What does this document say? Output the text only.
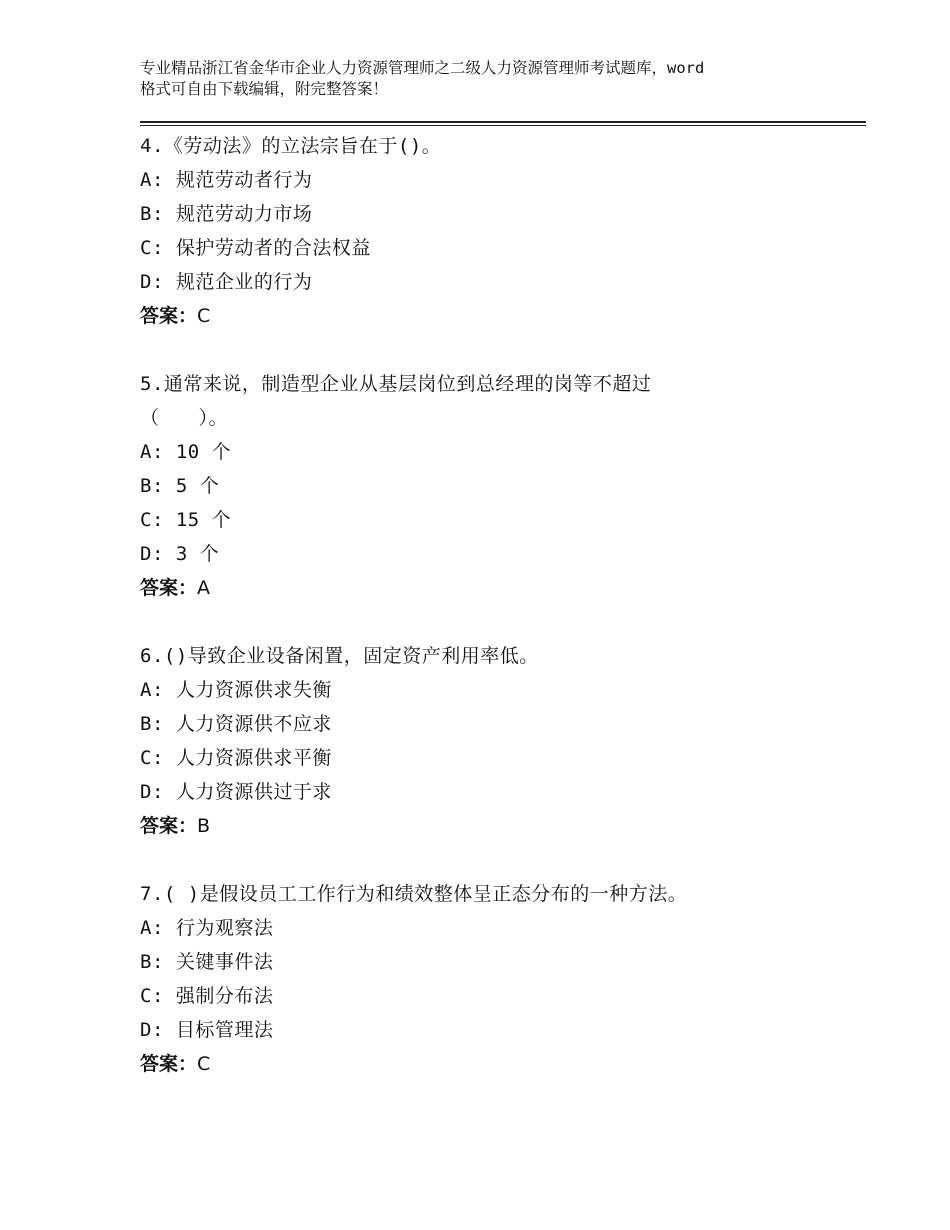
专业精品浙江省金华市企业人力资源管理师之二级人力资源管理师考试题库，word
格式可自由下载编辑，附完整答案！
4.《劳动法》的立法宗旨在于()。
A: 规范劳动者行为
B: 规范劳动力市场
C: 保护劳动者的合法权益
D: 规范企业的行为
答案：C
5.通常来说，制造型企业从基层岗位到总经理的岗等不超过
（　　）。
A: 10 个
B: 5 个
C: 15 个
D: 3 个
答案：A
6.()导致企业设备闲置，固定资产利用率低。
A: 人力资源供求失衡
B: 人力资源供不应求
C: 人力资源供求平衡
D: 人力资源供过于求
答案：B
7.( )是假设员工工作行为和绩效整体呈正态分布的一种方法。
A: 行为观察法
B: 关键事件法
C: 强制分布法
D: 目标管理法
答案：C
